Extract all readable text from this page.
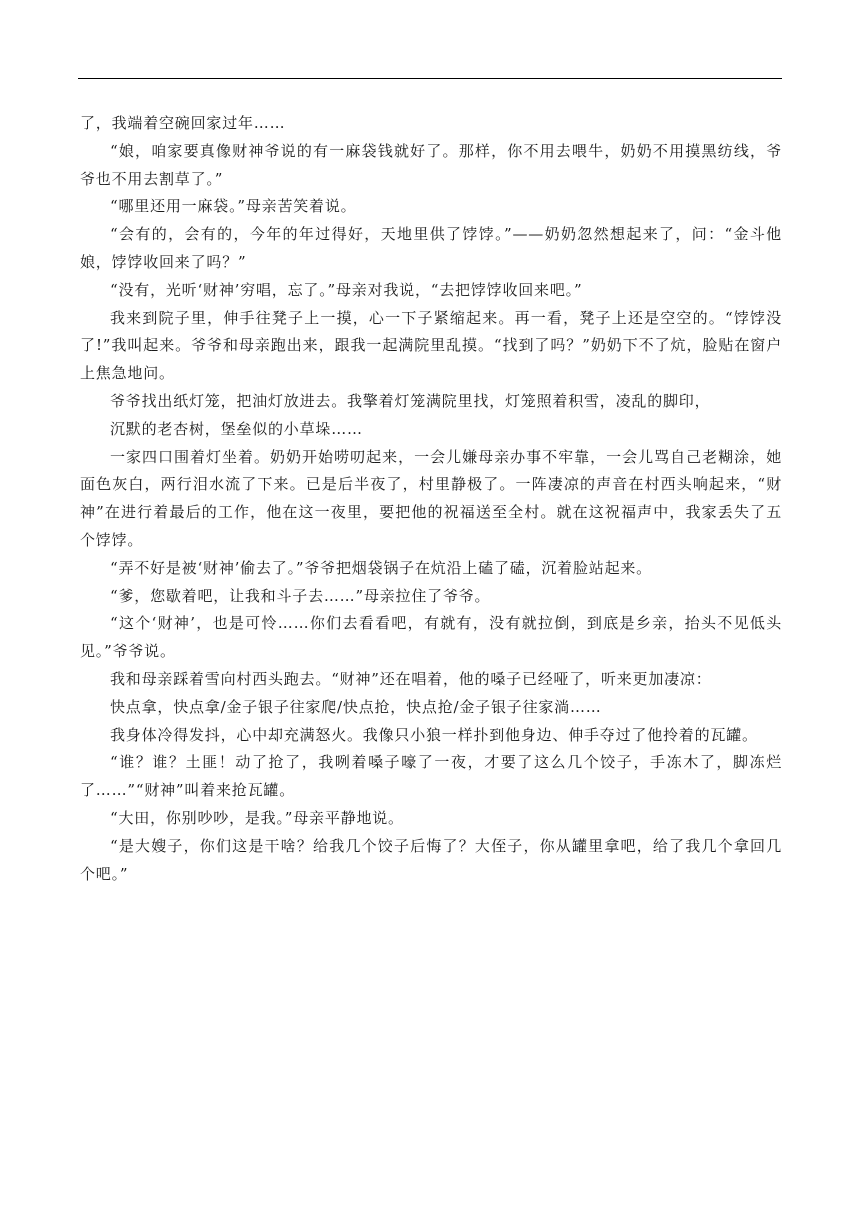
了，我端着空碗回家过年……

“娘，咱家要真像财神爷说的有一麻袋钱就好了。那样，你不用去喂牛，奶奶不用摸黑纺线，爷爷也不用去割草了。”

“哪里还用一麻袋。”母亲苦笑着说。

“会有的，会有的，今年的年过得好，天地里供了饽饽。”——奶奶忽然想起来了，问：“金斗他娘，饽饽收回来了吗？”

“没有，光听‘财神’穷唱，忘了。”母亲对我说，“去把饽饽收回来吧。”

我来到院子里，伸手往凳子上一摸，心一下子紧缩起来。再一看，凳子上还是空空的。“饽饽没了!”我叫起来。爷爷和母亲跑出来，跟我一起满院里乱摸。“找到了吗？”奶奶下不了炕，脸贴在窗户上焦急地问。

爷爷找出纸灯笼，把油灯放进去。我擎着灯笼满院里找，灯笼照着积雪，凌乱的脚印，

沉默的老杏树，堡垒似的小草垛……

一家四口围着灯坐着。奶奶开始唠叨起来，一会儿嫌母亲办事不牢靠，一会儿骂自己老糊涂，她面色灰白，两行泪水流了下来。已是后半夜了，村里静极了。一阵凄凉的声音在村西头响起来，“财神”在进行着最后的工作，他在这一夜里，要把他的祝福送至全村。就在这祝福声中，我家丢失了五个饽饽。

“弄不好是被‘财神’偷去了。”爷爷把烟袋锅子在炕沿上磕了磕，沉着脸站起来。

“爹，您歇着吧，让我和斗子去……”母亲拉住了爷爷。

“这个‘财神’，也是可怜……你们去看看吧，有就有，没有就拉倒，到底是乡亲，抬头不见低头见。”爷爷说。

我和母亲踩着雪向村西头跑去。“财神”还在唱着，他的嗓子已经哑了，听来更加凄凉：

快点拿，快点拿/金子银子往家爬/快点抢，快点抢/金子银子往家淌……

我身体冷得发抖，心中却充满怒火。我像只小狼一样扑到他身边、伸手夺过了他拎着的瓦罐。

“谁？谁？土匪！动了抢了，我咧着嗓子嚎了一夜，才要了这么几个饺子，手冻木了，脚冻烂了……”“财神”叫着来抢瓦罐。

“大田，你别吵吵，是我。”母亲平静地说。

“是大嫂子，你们这是干啥？给我几个饺子后悔了？大侄子，你从罐里拿吧，给了我几个拿回几个吧。”
